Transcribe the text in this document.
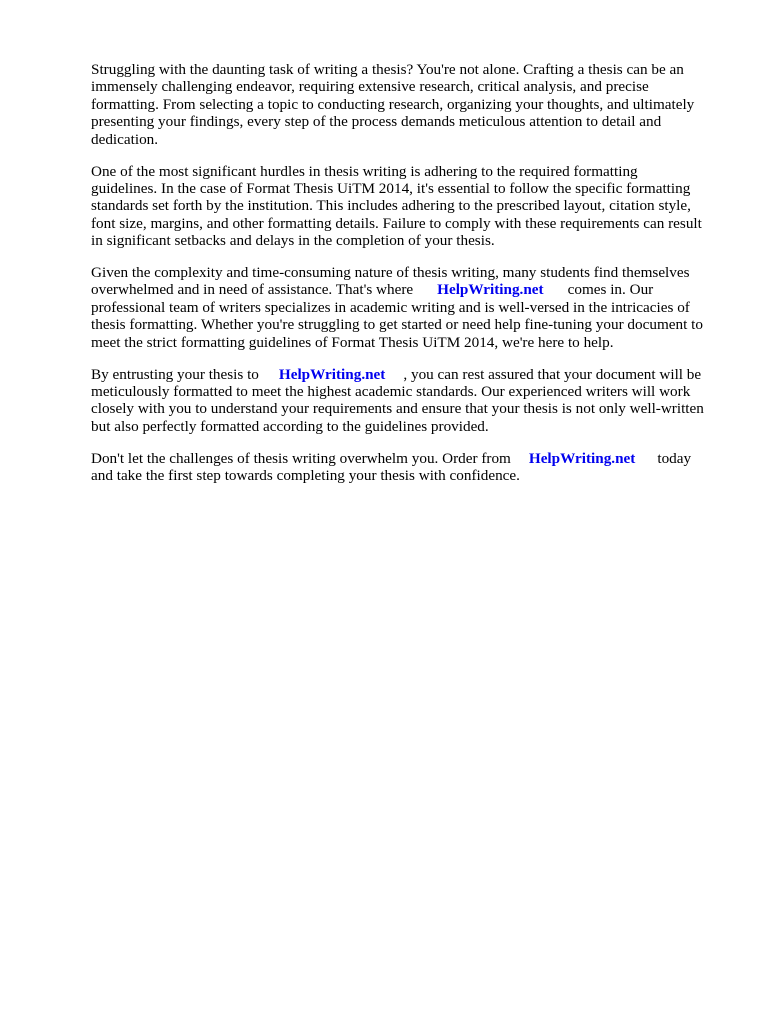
Struggling with the daunting task of writing a thesis? You're not alone. Crafting a thesis can be an
immensely challenging endeavor, requiring extensive research, critical analysis, and precise
formatting. From selecting a topic to conducting research, organizing your thoughts, and ultimately
presenting your findings, every step of the process demands meticulous attention to detail and
dedication.

One of the most significant hurdles in thesis writing is adhering to the required formatting
guidelines. In the case of Format Thesis UiTM 2014, it's essential to follow the specific formatting
standards set forth by the institution. This includes adhering to the prescribed layout, citation style,
font size, margins, and other formatting details. Failure to comply with these requirements can result
in significant setbacks and delays in the completion of your thesis.

Given the complexity and time-consuming nature of thesis writing, many students find themselves
overwhelmed and in need of assistance. That's where HelpWriting.net comes in. Our
professional team of writers specializes in academic writing and is well-versed in the intricacies of
thesis formatting. Whether you're struggling to get started or need help fine-tuning your document to
meet the strict formatting guidelines of Format Thesis UiTM 2014, we're here to help.

By entrusting your thesis to HelpWriting.net , you can rest assured that your document will be
meticulously formatted to meet the highest academic standards. Our experienced writers will work
closely with you to understand your requirements and ensure that your thesis is not only well-written
but also perfectly formatted according to the guidelines provided.

Don't let the challenges of thesis writing overwhelm you. Order from HelpWriting.net today
and take the first step towards completing your thesis with confidence.
